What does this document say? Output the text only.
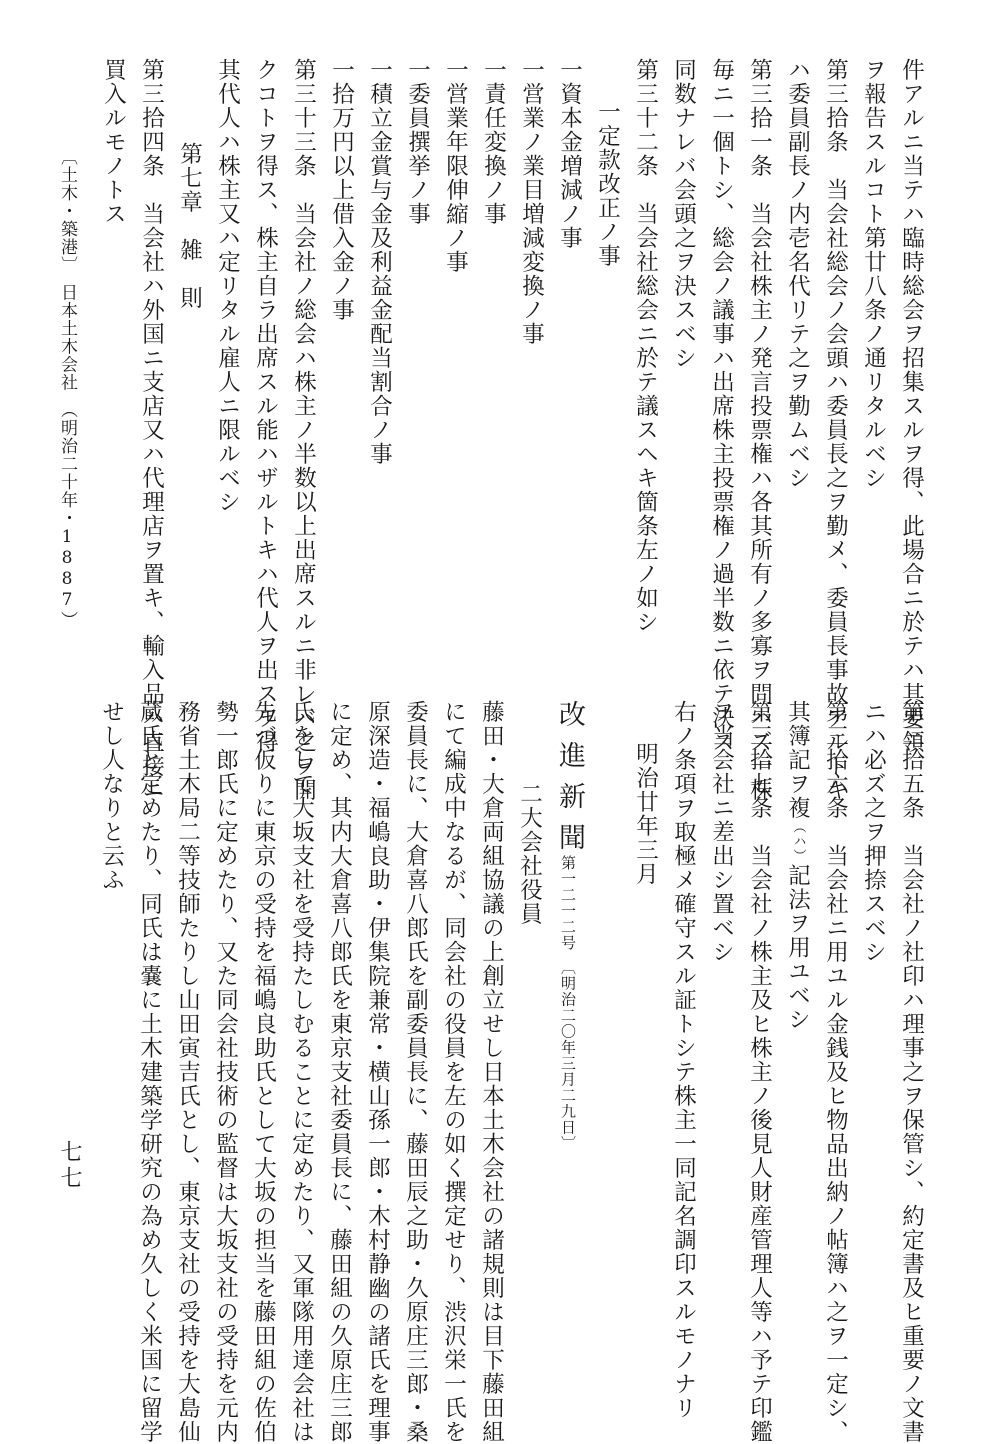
件アルニ当テハ臨時総会ヲ招集スルヲ得、此場合ニ於テハ其要領
ヲ報告スルコト第廿八条ノ通リタルベシ
第三拾条　当会社総会ノ会頭ハ委員長之ヲ勤メ、委員長事故アルトキ
ハ委員副長ノ内壱名代リテ之ヲ勤ムベシ
第三拾一条　当会社株主ノ発言投票権ハ各其所有ノ多寡ヲ問ハズ一株
毎ニ一個トシ、総会ノ議事ハ出席株主投票権ノ過半数ニ依テ決ス
同数ナレバ会頭之ヲ決スベシ
第三十二条　当会社総会ニ於テ議スヘキ箇条左ノ如シ
一定款改正ノ事
一資本金増減ノ事
一営業ノ業目増減変換ノ事
一責任変換ノ事
一営業年限伸縮ノ事
一委員撰挙ノ事
一積立金賞与金及利益金配当割合ノ事
一拾万円以上借入金ノ事
第三十三条　当会社ノ総会ハ株主ノ半数以上出席スルニ非レバ之ヲ開
クコトヲ得ス、株主自ラ出席スル能ハザルトキハ代人ヲ出スヲ得
其代人ハ株主又ハ定リタル雇人ニ限ルベシ
第七章　雑　則
第三拾四条　当会社ハ外国ニ支店又ハ代理店ヲ置キ、輸入品ハ直接ニ
買入ルモノトス
〔土木・築港〕　日本土木会社　（明治二十年・1887）
第三拾五条　当会社ノ社印ハ理事之ヲ保管シ、約定書及ヒ重要ノ文書
ニハ必ズ之ヲ押捺スベシ
第三拾六条　当会社ニ用ユル金銭及ヒ物品出納ノ帖簿ハ之ヲ一定シ、
其簿記ヲ複（ハ）記法ヲ用ユベシ
第三拾七条　当会社ノ株主及ヒ株主ノ後見人財産管理人等ハ予テ印鑑
ヲ当会社ニ差出シ置ベシ
右ノ条項ヲ取極メ確守スル証トシテ株主一同記名調印スルモノナリ
明治廿年三月
改進新聞
第一二一二号　〔明治二〇年三月二九日〕
二大会社役員
藤田・大倉両組協議の上創立せし日本土木会社の諸規則は目下藤田組
にて編成中なるが、同会社の役員を左の如く撰定せり、渋沢栄一氏を
委員長に、大倉喜八郎氏を副委員長に、藤田辰之助・久原庄三郎・桑
原深造・福嶋良助・伊集院兼常・横山孫一郎・木村静幽の諸氏を理事
に定め、其内大倉喜八郎氏を東京支社委員長に、藤田組の久原庄三郎
氏をして大坂支社を受持たしむることに定めたり、又軍隊用達会社は
先づ仮りに東京の受持を福嶋良助氏として大坂の担当を藤田組の佐伯
勢一郎氏に定めたり、又た同会社技術の監督は大坂支社の受持を元内
務省土木局二等技師たりし山田寅吉氏とし、東京支社の受持を大島仙
蔵氏と定めたり、同氏は嚢に土木建築学研究の為め久しく米国に留学
せし人なりと云ふ
七七
